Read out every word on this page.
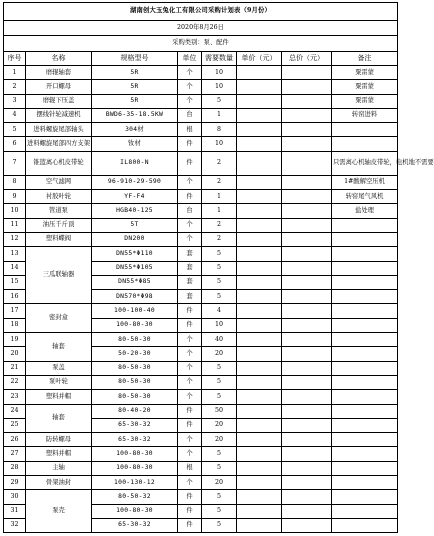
湖南创大玉兔化工有限公司采购计划表（9月份）							
2020年8月26日							
采购类别：泵、配件							
序号	名称	规格型号	单位	需要数量	单价（元）	总价（元）	备注
1	磨辊轴套	5R	个	10			粟雷蒙
2	开口螺母	5R	个	10			粟雷蒙
3	磨辊下压盖	5R	个	5			粟雷蒙
4	摆线针轮减速机	BWD6-35-18.5KW	台	1			转窑进料
5	进料螺旋尾部轴头	304材	根	8			
6	进料螺旋尾部四方支架	钕材	件	10			
7	锥篮离心机皮带轮	IL800-N	件	2			只需离心机轴皮带轮，电机地不需要
8	空气滤网	96-910-29-590	个	2			1#酸解空压机
9	衬胶叶轮	YF-F4	件	1			转窑尾气风机
10	管道泵	HGB40-125	台	1			盐处理
11	油压千斤顶	5T	个	2			
12	塑料蝶阀	DN200	个	2			
13	三瓜联轴器	DN55*Φ110	套	5			
14		DN55*Φ105	套	5			
15		DN55*Φ85	套	5			
16		DN570*Φ98	套	5			
17	密封盒	100-100-40	件	4			
18		100-80-30	件	10			
19	轴套	80-50-30	个	40			
20		50-20-30	个	20			
21	泵盖	80-50-30	个	5			
22	泵叶轮	80-50-30	个	5			
23	塑料并帽	80-50-30	个	5			
24	轴套	80-40-20	件	50			
25		65-30-32	件	20			
26	防转螺母	65-30-32	个	20			
27	塑料并帽	100-80-30	个	5			
28	主轴	100-80-30	根	5			
29	骨架油封	100-130-12	个	20			
30	泵壳	80-50-32	件	5			
31		100-80-30	件	5			
32		65-30-32	件	5			
